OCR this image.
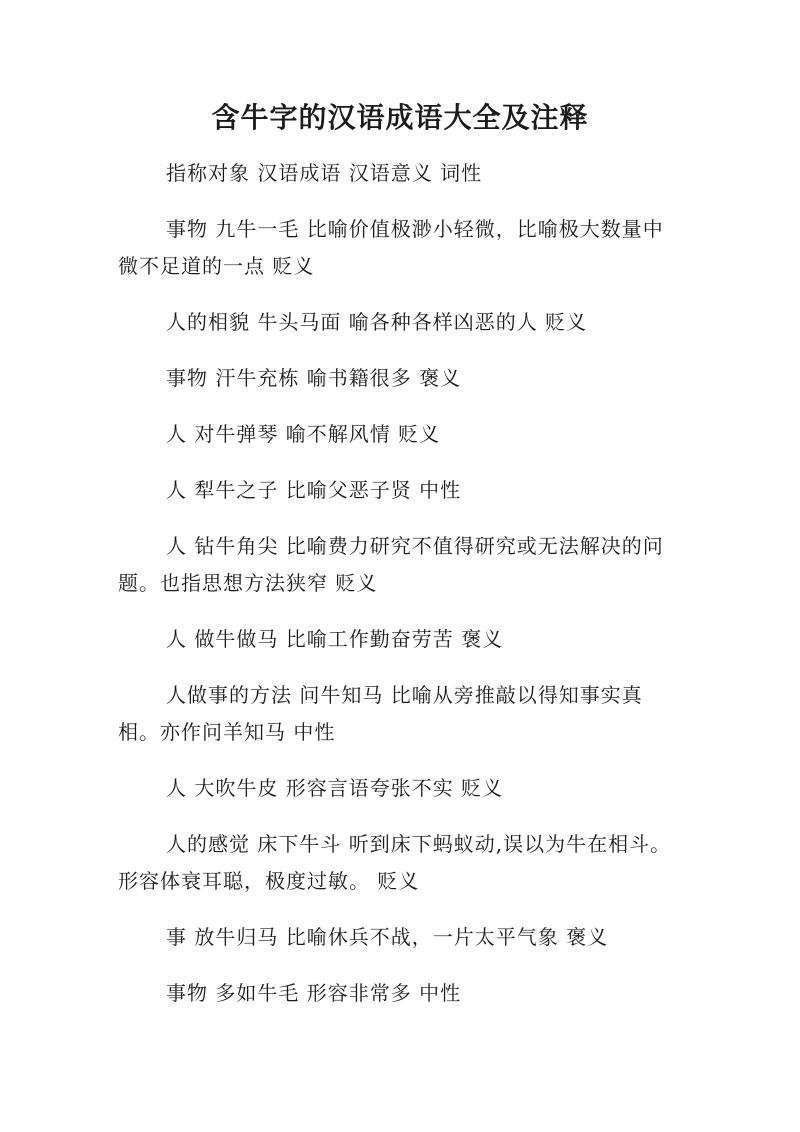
含牛字的汉语成语大全及注释

指称对象 汉语成语 汉语意义 词性

事物 九牛一毛 比喻价值极渺小轻微，比喻极大数量中微不足道的一点 贬义

人的相貌 牛头马面 喻各种各样凶恶的人 贬义

事物 汗牛充栋 喻书籍很多 褒义

人 对牛弹琴 喻不解风情 贬义

人 犁牛之子 比喻父恶子贤 中性

人 钻牛角尖 比喻费力研究不值得研究或无法解决的问题。也指思想方法狭窄 贬义

人 做牛做马 比喻工作勤奋劳苦 褒义

人做事的方法 问牛知马 比喻从旁推敲以得知事实真相。亦作问羊知马 中性

人 大吹牛皮 形容言语夸张不实 贬义

人的感觉 床下牛斗 听到床下蚂蚁动,误以为牛在相斗。形容体衰耳聪，极度过敏。 贬义

事 放牛归马 比喻休兵不战，一片太平气象 褒义

事物 多如牛毛 形容非常多 中性
